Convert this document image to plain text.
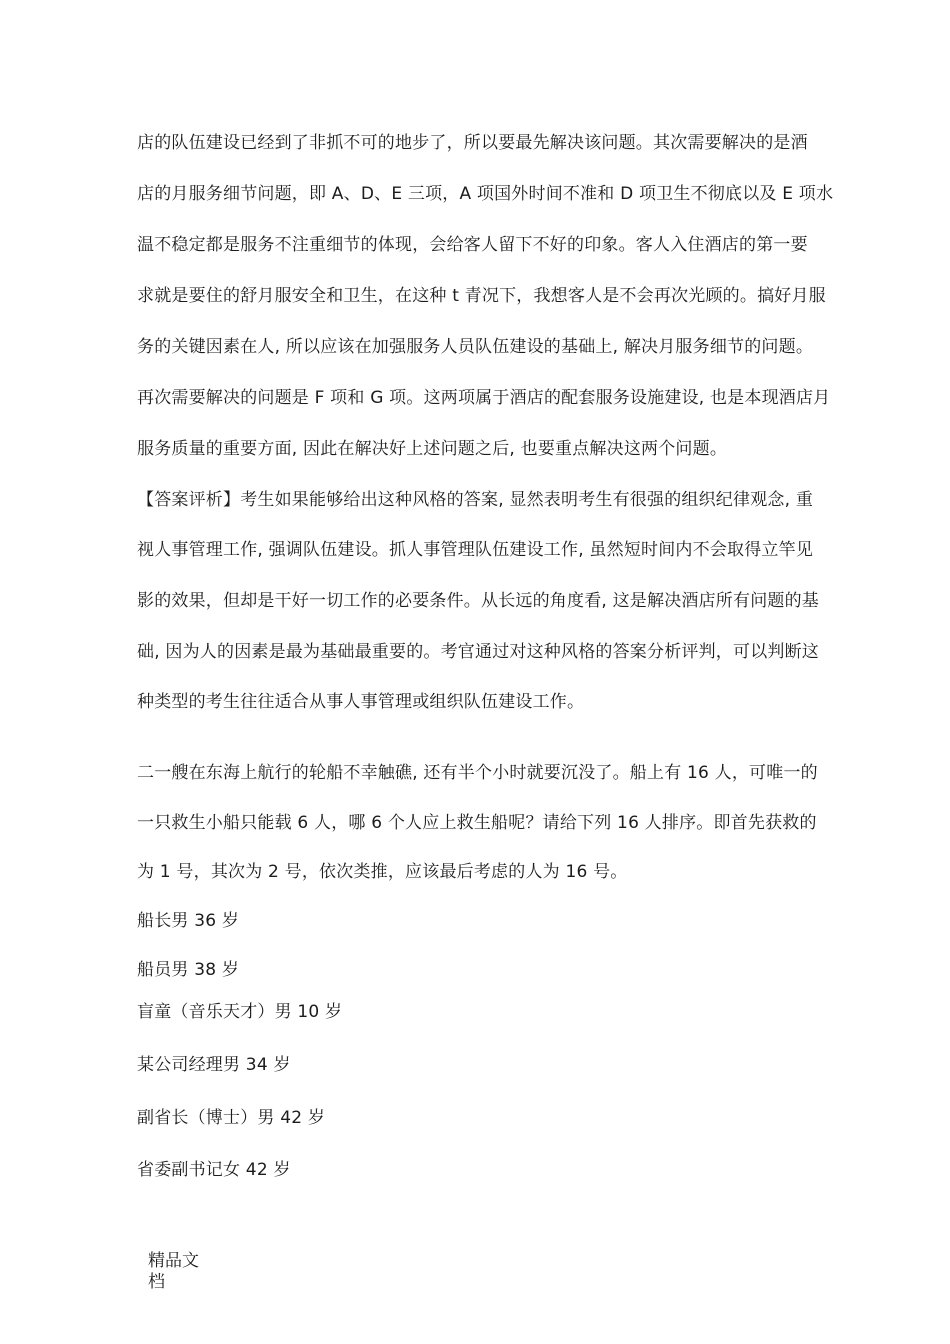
店的队伍建设已经到了非抓不可的地步了，所以要最先解决该问题。其次需要解决的是酒
店的月服务细节问题，即 A、D、E 三项，A 项国外时间不准和 D 项卫生不彻底以及 E 项水
温不稳定都是服务不注重细节的体现，会给客人留下不好的印象。客人入住酒店的第一要
求就是要住的舒月服安全和卫生，在这种 t 青况下，我想客人是不会再次光顾的。搞好月服
务的关键因素在人, 所以应该在加强服务人员队伍建设的基础上, 解决月服务细节的问题。
再次需要解决的问题是 F 项和 G 项。这两项属于酒店的配套服务设施建设, 也是本现酒店月
服务质量的重要方面, 因此在解决好上述问题之后, 也要重点解决这两个问题。
【答案评析】考生如果能够给出这种风格的答案, 显然表明考生有很强的组织纪律观念, 重
视人事管理工作, 强调队伍建设。抓人事管理队伍建设工作, 虽然短时间内不会取得立竿见
影的效果，但却是干好一切工作的必要条件。从长远的角度看, 这是解决酒店所有问题的基
础, 因为人的因素是最为基础最重要的。考官通过对这种风格的答案分析评判，可以判断这
种类型的考生往往适合从事人事管理或组织队伍建设工作。
二一艘在东海上航行的轮船不幸触礁, 还有半个小时就要沉没了。船上有 16 人，可唯一的
一只救生小船只能载 6 人，哪 6 个人应上救生船呢？请给下列 16 人排序。即首先获救的
为 1 号，其次为 2 号，依次类推，应该最后考虑的人为 16 号。
船长男 36 岁
船员男 38 岁
盲童（音乐天才）男 10 岁
某公司经理男 34 岁
副省长（博士）男 42 岁
省委副书记女 42 岁
精品文
档
